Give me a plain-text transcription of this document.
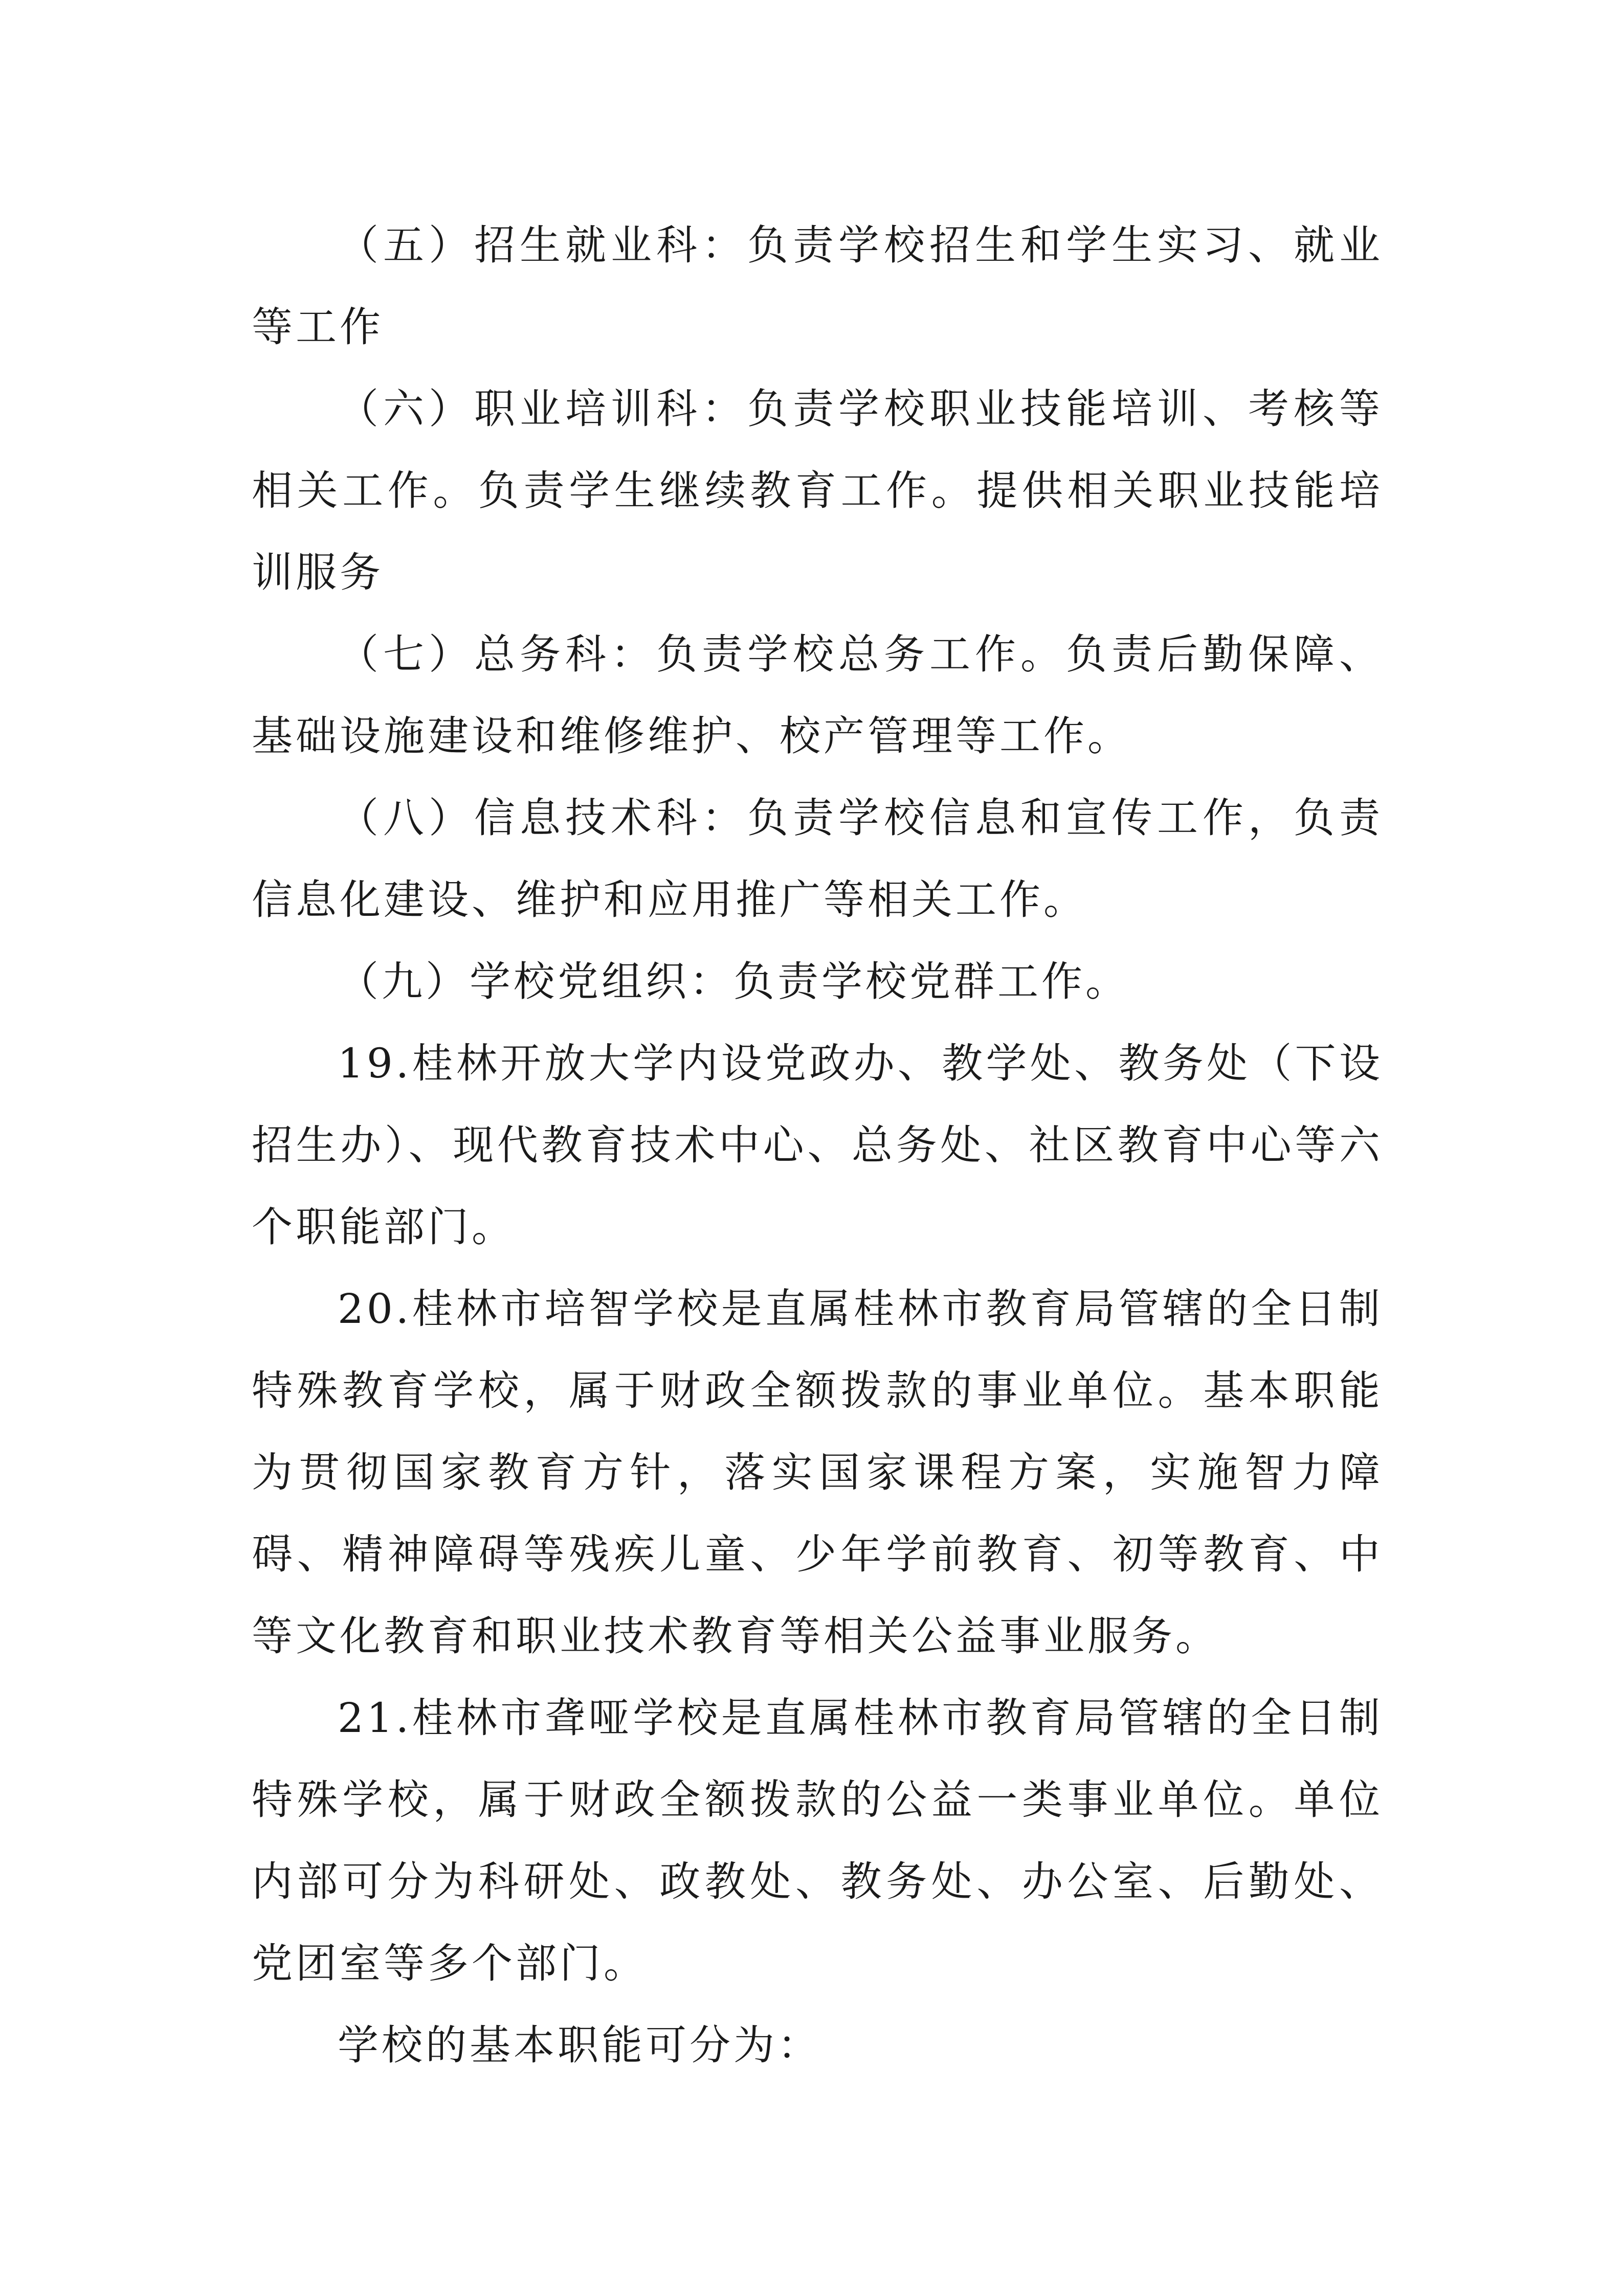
（五）招生就业科：负责学校招生和学生实习、就业等工作

（六）职业培训科：负责学校职业技能培训、考核等相关工作。负责学生继续教育工作。提供相关职业技能培训服务

（七）总务科：负责学校总务工作。负责后勤保障、基础设施建设和维修维护、校产管理等工作。

（八）信息技术科：负责学校信息和宣传工作，负责信息化建设、维护和应用推广等相关工作。

（九）学校党组织：负责学校党群工作。

19.桂林开放大学内设党政办、教学处、教务处（下设招生办）、现代教育技术中心、总务处、社区教育中心等六个职能部门。

20.桂林市培智学校是直属桂林市教育局管辖的全日制特殊教育学校，属于财政全额拨款的事业单位。基本职能为贯彻国家教育方针，落实国家课程方案，实施智力障碍、精神障碍等残疾儿童、少年学前教育、初等教育、中等文化教育和职业技术教育等相关公益事业服务。

21.桂林市聋哑学校是直属桂林市教育局管辖的全日制特殊学校，属于财政全额拨款的公益一类事业单位。单位内部可分为科研处、政教处、教务处、办公室、后勤处、党团室等多个部门。

学校的基本职能可分为：
